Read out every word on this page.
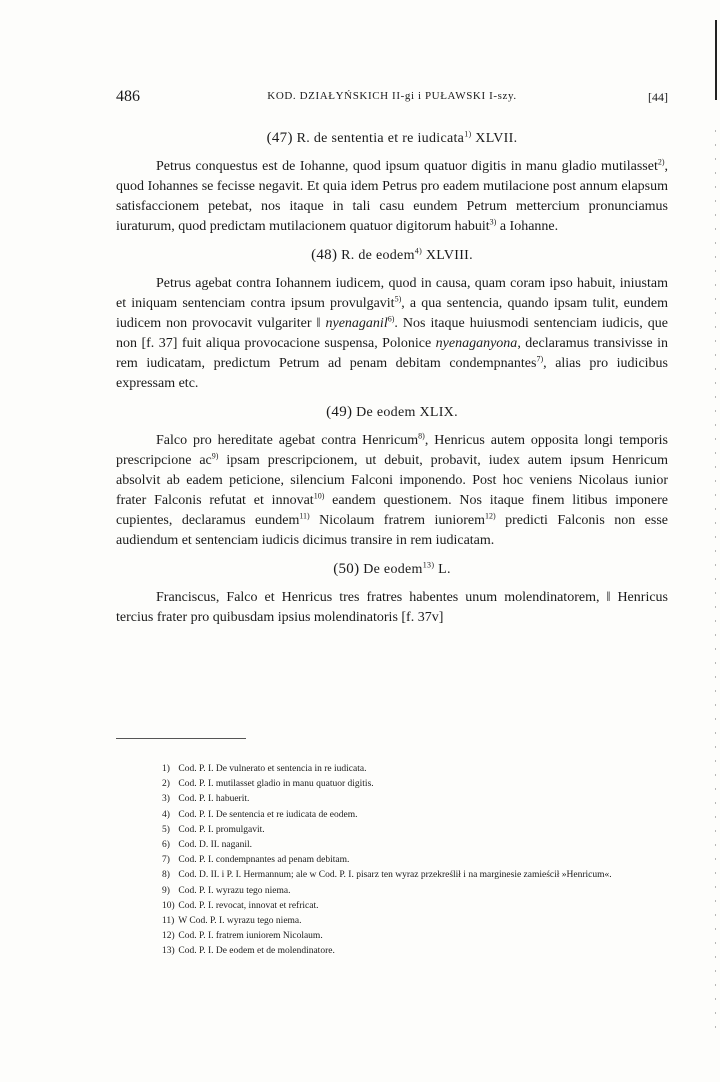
486	KOD. DZIAŁYŃSKICH II-gi i PUŁAWSKI I-szy.	[44]
(47) R. de sententia et re iudicata$^{1)}$ XLVII.

Petrus conquestus est de Iohanne, quod ipsum quatuor digitis in manu gladio mutilasset$^{2)}$, quod Iohannes se fecisse negavit. Et quia idem Petrus pro eadem mutilacione post annum elapsum satisfaccionem petebat, nos itaque in tali casu eundem Petrum mettercium pronunciamus iuraturum, quod predictam mutilacionem quatuor digitorum habuit$^{3)}$ a Iohanne.

(48) R. de eodem$^{4)}$ XLVIII.

Petrus agebat contra Iohannem iudicem, quod in causa, quam coram ipso habuit, iniustam et iniquam sentenciam contra ipsum provulgavit$^{5)}$, a qua sentencia, quando ipsam tulit, eundem iudicem non provocavit vulgariter ‖ nyenaganil$^{6)}$. Nos itaque huiusmodi sentenciam iudicis, que non [f. 37] fuit aliqua provocacione suspensa, Polonice nyenaganyona, declaramus transivisse in rem iudicatam, predictum Petrum ad penam debitam condempnantes$^{7)}$, alias pro iudicibus expressam etc.

(49) De eodem XLIX.

Falco pro hereditate agebat contra Henricum$^{8)}$, Henricus autem opposita longi temporis prescripcione $ac^{9)}$ ipsam prescripcionem, ut debuit, probavit, iudex autem ipsum Henricum absolvit ab eadem peticione, silencium Falconi imponendo. Post hoc veniens Nicolaus iunior frater Falconis refutat et innovat$^{10)}$ eandem questionem. Nos itaque finem litibus imponere cupientes, declaramus eundem$^{11)}$ Nicolaum fratrem iuniorem$^{12)}$ predicti Falconis non esse audiendum et sentenciam iudicis dicimus transire in rem iudicatam.

(50) De eodem$^{13)}$ L.

Franciscus, Falco et Henricus tres fratres habentes unum molendinatorem, ‖ Henricus tercius frater pro quibusdam ipsius molendinatoris [f. 37v]

1) Cod. P. I. De vulnerato et sentencia in re iudicata.
2) Cod. P. I. mutilasset gladio in manu quatuor digitis.
3) Cod. P. I. habuerit.
4) Cod. P. I. De sentencia et re iudicata de eodem.
5) Cod. P. I. promulgavit.
6) Cod. D. II. naganil.
7) Cod. P. I. condempnantes ad penam debitam.
8) Cod. D. II. i P. I. Hermannum; ale w Cod. P. I. pisarz ten wyraz przekreślił i na marginesie zamieścił »Henricum«.
9) Cod. P. I. wyrazu tego niema.
10) Cod. P. I. revocat, innovat et refricat.
11) W Cod. P. I. wyrazu tego niema.
12) Cod. P. I. fratrem iuniorem Nicolaum.
13) Cod. P. I. De eodem et de molendinatore.
